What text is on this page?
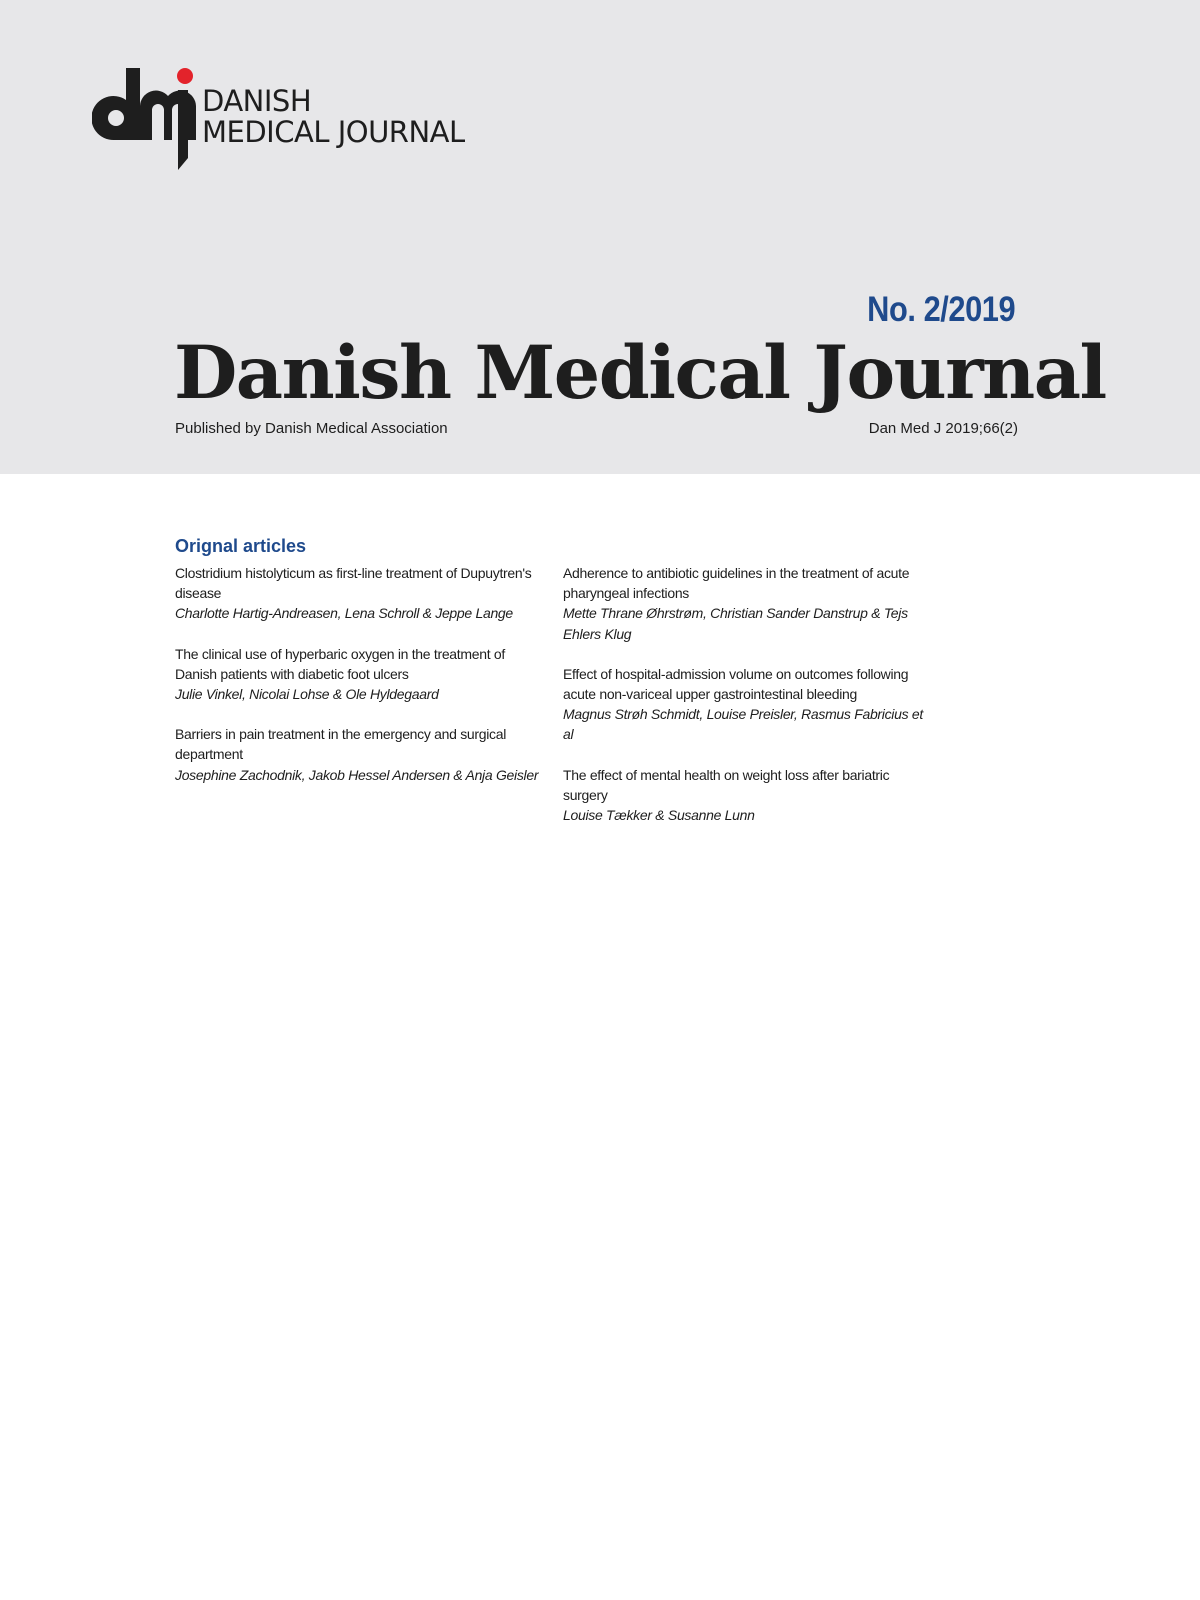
DANISH
MEDICAL JOURNAL
No. 2/2019
Danish Medical Journal
Published by Danish Medical Association	Dan Med J 2019;66(2)
Orignal articles
Clostridium histolyticum as first-line treatment of Dupuytren's disease
Charlotte Hartig-Andreasen, Lena Schroll & Jeppe Lange
The clinical use of hyperbaric oxygen in the treatment of Danish patients with diabetic foot ulcers
Julie Vinkel, Nicolai Lohse & Ole Hyldegaard
Barriers in pain treatment in the emergency and surgical department
Josephine Zachodnik, Jakob Hessel Andersen & Anja Geisler
Adherence to antibiotic guidelines in the treatment of acute pharyngeal infections
Mette Thrane Øhrstrøm, Christian Sander Danstrup & Tejs Ehlers Klug
Effect of hospital-admission volume on outcomes following acute non-variceal upper gastrointestinal bleeding
Magnus Strøh Schmidt, Louise Preisler, Rasmus Fabricius et al
The effect of mental health on weight loss after bariatric surgery
Louise Tækker & Susanne Lunn
